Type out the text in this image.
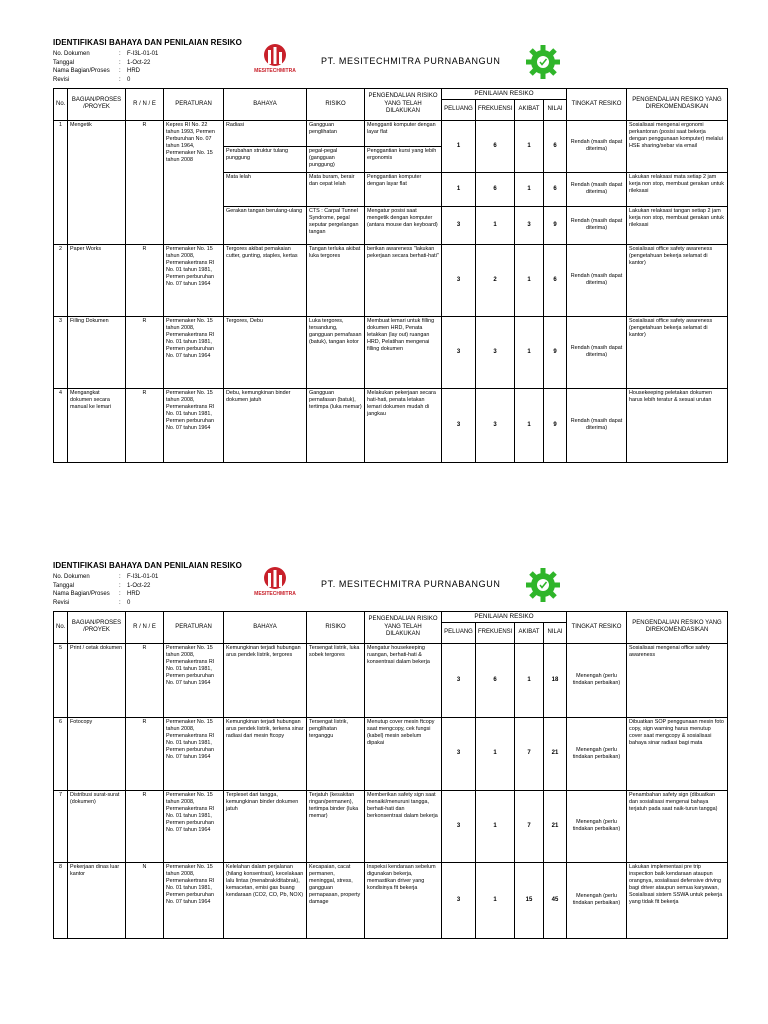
IDENTIFIKASI BAHAYA DAN PENILAIAN RESIKO
No. Dokumen	:	F-I3L-01-01
Tanggal	:	1-Oct-22
Nama Bagian/Proses	:	HRD
Revisi	:	0
MESITECHMITRA
PT. MESITECHMITRA PURNABANGUN
No.	BAGIAN/PROSES /PROYEK	R / N / E	PERATURAN	BAHAYA	RISIKO	PENGENDALIAN RISIKO YANG TELAH DILAKUKAN	PENILAIAN RESIKO				TINGKAT RESIKO	PENGENDALIAN RESIKO YANG DIREKOMENDASIKAN
							PELUANG	FREKUENSI	AKIBAT	NILAI		
1	Mengetik	R	Kepres RI No. 22 tahun 1993, Permen Perburuhan No. 07 tahun 1964, Permenaker No. 15 tahun 2008	Radiasi	Gangguan penglihatan	Mengganti komputer dengan layar flat	1	6	1	6	Rendah (masih dapat diterima)	Sosialisasi mengenai ergonomi perkantoran (posisi saat bekerja dengan penggunaan komputer) melalui HSE sharing/sebar via email
				Perubahan struktur tulang punggung	pegal-pegal (gangguan punggung)	Penggantian kursi yang lebih ergonomis						
				Mata lelah	Mata buram, berair dan cepat lelah	Penggantian komputer dengan layar flat	1	6	1	6	Rendah (masih dapat diterima)	Lakukan relaksasi mata setiap 2 jam kerja non stop, membuat gerakan untuk rileksasi
				Gerakan tangan berulang-ulang	CTS : Carpal Tunnel Syndrome, pegal seputar pergelangan tangan	Mengatur posisi saat mengetik dengan komputer (antara mouse dan keyboard)	3	1	3	9	Rendah (masih dapat diterima)	Lakukan relaksasi tangan setiap 2 jam kerja non stop, membuat gerakan untuk rileksasi
2	Paper Works	R	Permenaker No. 15 tahun 2008, Permenakertrans RI No. 01 tahun 1981, Permen perburuhan No. 07 tahun 1964	Tergores akibat pemakaian cutter, gunting, staples, kertas	Tangan terluka akibat luka tergores	berikan awareness "lakukan pekerjaan secara berhati-hati"	3	2	1	6	Rendah (masih dapat diterima)	Sosialisasi office safety awareness (pengetahuan bekerja selamat di kantor)
3	Filling Dokumen	R	Permenaker No. 15 tahun 2008, Permenakertrans RI No. 01 tahun 1981, Permen perburuhan No. 07 tahun 1964	Tergores, Debu	Luka tergores, tersandung, gangguan pernafasan (batuk), tangan kotor	Membuat lemari untuk filling dokumen HRD, Penata letakkan (lay out) ruangan HRD, Pelatihan mengenai filling dokumen	3	3	1	9	Rendah (masih dapat diterima)	Sosialisasi office safety awareness (pengetahuan bekerja selamat di kantor)
4	Mengangkat dokumen secara manual ke lemari	R	Permenaker No. 15 tahun 2008, Permenakertrans RI No. 01 tahun 1981, Permen perburuhan No. 07 tahun 1964	Debu, kemungkinan binder dokumen jatuh	Gangguan pernafasan (batuk), tertimpa (luka memar)	Melakukan pekerjaan secara hati-hati, penata letakan lemari dokumen mudah di jangkau	3	3	1	9	Rendah (masih dapat diterima)	Housekeeping peletakan dokumen harus lebih teratur & sesuai urutan
IDENTIFIKASI BAHAYA DAN PENILAIAN RESIKO
No. Dokumen	:	F-I3L-01-01
Tanggal	:	1-Oct-22
Nama Bagian/Proses	:	HRD
Revisi	:	0
MESITECHMITRA
PT. MESITECHMITRA PURNABANGUN
No.	BAGIAN/PROSES /PROYEK	R / N / E	PERATURAN	BAHAYA	RISIKO	PENGENDALIAN RISIKO YANG TELAH DILAKUKAN	PENILAIAN RESIKO				TINGKAT RESIKO	PENGENDALIAN RESIKO YANG DIREKOMENDASIKAN
							PELUANG	FREKUENSI	AKIBAT	NILAI		
5	Print / cetak dokumen	R	Permenaker No. 15 tahun 2008, Permenakertrans RI No. 01 tahun 1981, Permen perburuhan No. 07 tahun 1964	Kemungkinan terjadi hubungan arus pendek listrik, tergores	Tersengat listrik, luka sobek tergores	Mengatur housekeeping ruangan, berhati-hati & konsentrasi dalam bekerja	3	6	1	18	Menengah (perlu tindakan perbaikan)	Sosialisasi mengenai office safety awareness
6	Fotocopy	R	Permenaker No. 15 tahun 2008, Permenakertrans RI No. 01 tahun 1981, Permen perburuhan No. 07 tahun 1964	Kemungkinan terjadi hubungan arus pendek listrik, terkena sinar radiasi dari mesin ftcopy	Tersengat listrik, penglihatan terganggu	Menutup cover mesin ftcopy saat mengcopy, cek fungsi (kabel) mesin sebelum dipakai	3	1	7	21	Menengah (perlu tindakan perbaikan)	Dibuatkan SOP penggunaan mesin foto copy, sign warning harus menutup cover saat mengcopy & sosialisasi bahaya sinar radiasi bagi mata
7	Distribusi surat-surat (dokumen)	R	Permenaker No. 15 tahun 2008, Permenakertrans RI No. 01 tahun 1981, Permen perburuhan No. 07 tahun 1964	Terpleset dari tangga, kemungkinan binder dokumen jatuh	Terjatuh (kesakitan ringan/permanen), tertimpa binder (luka memar)	Memberikan safety sign saat menaiki/menuruni tangga, berhati-hati dan berkonsentrasi dalam bekerja	3	1	7	21	Menengah (perlu tindakan perbaikan)	Penambahan safety sign (dibuatkan dan sosialisasi mengenai bahaya terjatuh pada saat naik-turun tangga)
8	Pekerjaan dinas luar kantor	N	Permenaker No. 15 tahun 2008, Permenakertrans RI No. 01 tahun 1981, Permen perburuhan No. 07 tahun 1964	Kelelahan dalam perjalanan (hilang konsentrasi), kecelakaan lalu lintas (menabrak/ditabrak), kemacetan, emisi gas buang kendaraan (CO2, CO, Pb, NOX)	Kecapaian, cacat permanen, meninggal, stress, gangguan pernapasan, property damage	Inspeksi kendaraan sebelum digunakan bekerja, memastikan driver yang kondisinya fit bekerja	3	1	15	45	Menengah (perlu tindakan perbaikan)	Lakukan implementasi pre trip inspection baik kendaraan ataupun orangnya, sosialisasi defensive driving bagi driver ataupun semua karyawan, Sosialisasi sistem SSWA untuk pekerja yang tidak fit bekerja
